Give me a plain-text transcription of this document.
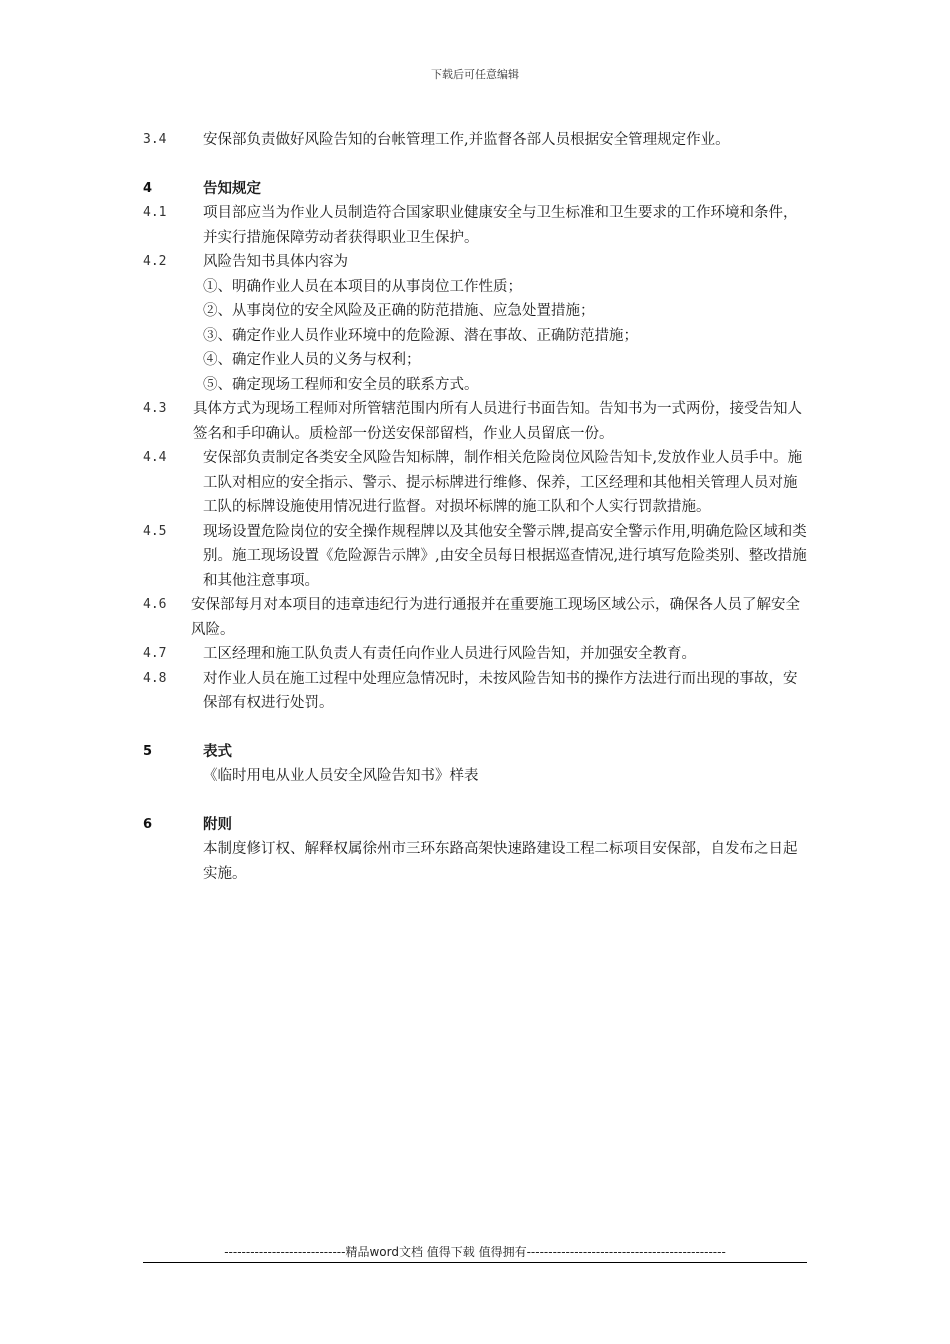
下载后可任意编辑
3.4	安保部负责做好风险告知的台帐管理工作,并监督各部人员根据安全管理规定作业。
4	告知规定
4.1	项目部应当为作业人员制造符合国家职业健康安全与卫生标准和卫生要求的工作环境和条件，并实行措施保障劳动者获得职业卫生保护。
4.2	风险告知书具体内容为
①、明确作业人员在本项目的从事岗位工作性质；
②、从事岗位的安全风险及正确的防范措施、应急处置措施；
③、确定作业人员作业环境中的危险源、潜在事故、正确防范措施；
④、确定作业人员的义务与权利；
⑤、确定现场工程师和安全员的联系方式。
4.3	具体方式为现场工程师对所管辖范围内所有人员进行书面告知。告知书为一式两份，接受告知人签名和手印确认。质检部一份送安保部留档，作业人员留底一份。
4.4	安保部负责制定各类安全风险告知标牌，制作相关危险岗位风险告知卡,发放作业人员手中。施工队对相应的安全指示、警示、提示标牌进行维修、保养，工区经理和其他相关管理人员对施工队的标牌设施使用情况进行监督。对损坏标牌的施工队和个人实行罚款措施。
4.5	现场设置危险岗位的安全操作规程牌以及其他安全警示牌,提高安全警示作用,明确危险区域和类别。施工现场设置《危险源告示牌》,由安全员每日根据巡查情况,进行填写危险类别、整改措施和其他注意事项。
4.6	安保部每月对本项目的违章违纪行为进行通报并在重要施工现场区域公示，确保各人员了解安全风险。
4.7	工区经理和施工队负责人有责任向作业人员进行风险告知，并加强安全教育。
4.8	对作业人员在施工过程中处理应急情况时，未按风险告知书的操作方法进行而出现的事故，安保部有权进行处罚。
5	表式
《临时用电从业人员安全风险告知书》样表
6	附则
本制度修订权、解释权属徐州市三环东路高架快速路建设工程二标项目安保部，自发布之日起实施。
----------------------------精品word文档 值得下载 值得拥有----------------------------------------------
